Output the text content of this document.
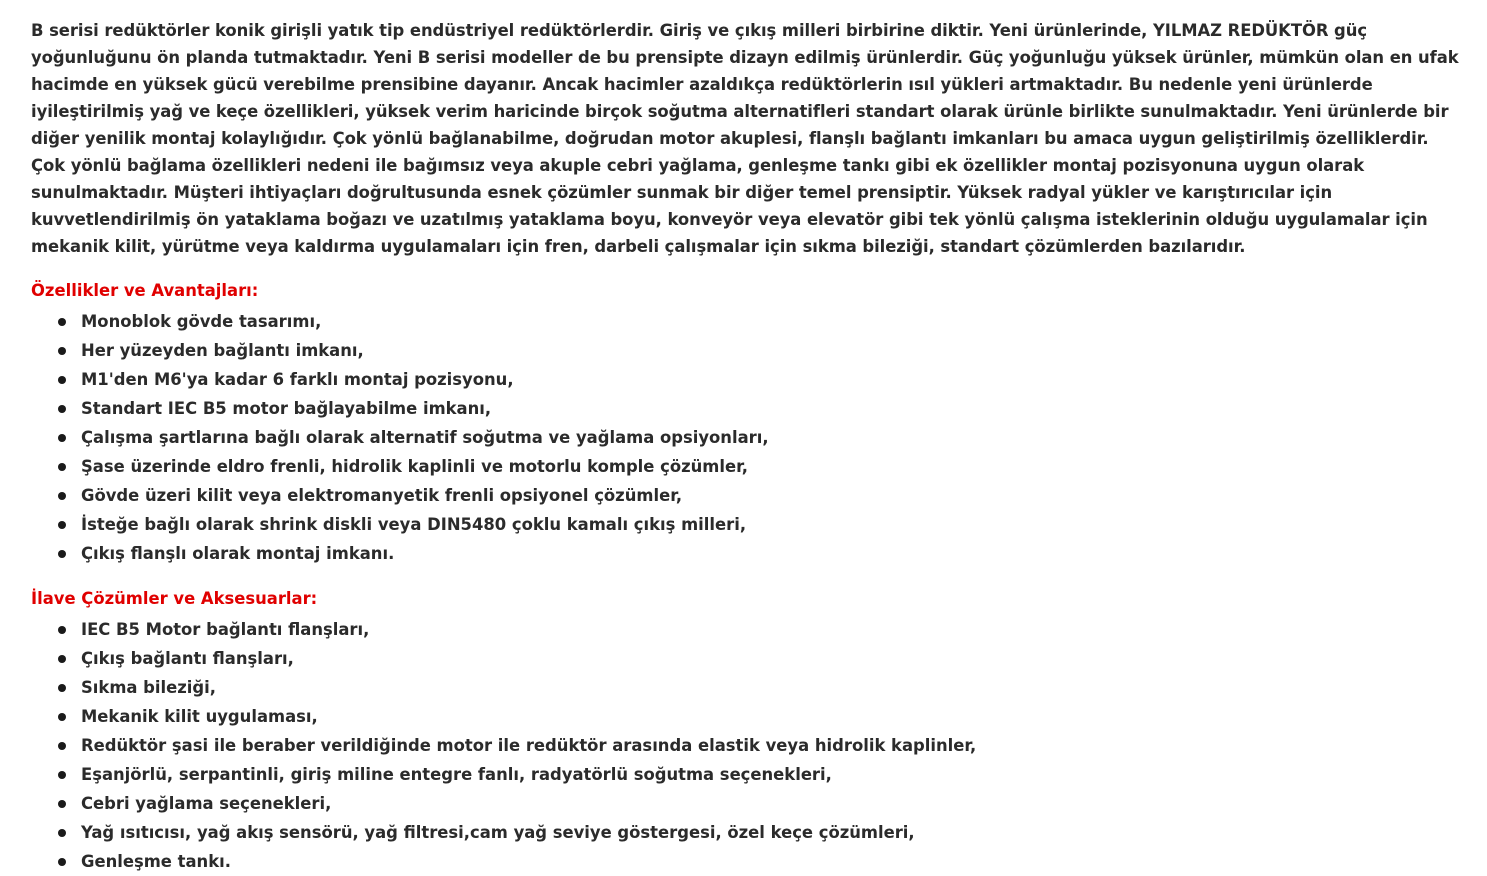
B serisi redüktörler konik girişli yatık tip endüstriyel redüktörlerdir. Giriş ve çıkış milleri birbirine diktir. Yeni ürünlerinde, YILMAZ REDÜKTÖR güç yoğunluğunu ön planda tutmaktadır. Yeni B serisi modeller de bu prensipte dizayn edilmiş ürünlerdir. Güç yoğunluğu yüksek ürünler, mümkün olan en ufak hacimde en yüksek gücü verebilme prensibine dayanır. Ancak hacimler azaldıkça redüktörlerin ısıl yükleri artmaktadır. Bu nedenle yeni ürünlerde iyileştirilmiş yağ ve keçe özellikleri, yüksek verim haricinde birçok soğutma alternatifleri standart olarak ürünle birlikte sunulmaktadır. Yeni ürünlerde bir diğer yenilik montaj kolaylığıdır. Çok yönlü bağlanabilme, doğrudan motor akuplesi, flanşlı bağlantı imkanları bu amaca uygun geliştirilmiş özelliklerdir. Çok yönlü bağlama özellikleri nedeni ile bağımsız veya akuple cebri yağlama, genleşme tankı gibi ek özellikler montaj pozisyonuna uygun olarak sunulmaktadır. Müşteri ihtiyaçları doğrultusunda esnek çözümler sunmak bir diğer temel prensiptir. Yüksek radyal yükler ve karıştırıcılar için kuvvetlendirilmiş ön yataklama boğazı ve uzatılmış yataklama boyu, konveyör veya elevatör gibi tek yönlü çalışma isteklerinin olduğu uygulamalar için mekanik kilit, yürütme veya kaldırma uygulamaları için fren, darbeli çalışmalar için sıkma bileziği, standart çözümlerden bazılarıdır.

Özellikler ve Avantajları:
Monoblok gövde tasarımı,
Her yüzeyden bağlantı imkanı,
M1'den M6'ya kadar 6 farklı montaj pozisyonu,
Standart IEC B5 motor bağlayabilme imkanı,
Çalışma şartlarına bağlı olarak alternatif soğutma ve yağlama opsiyonları,
Şase üzerinde eldro frenli, hidrolik kaplinli ve motorlu komple çözümler,
Gövde üzeri kilit veya elektromanyetik frenli opsiyonel çözümler,
İsteğe bağlı olarak shrink diskli veya DIN5480 çoklu kamalı çıkış milleri,
Çıkış flanşlı olarak montaj imkanı.
İlave Çözümler ve Aksesuarlar:
IEC B5 Motor bağlantı flanşları,
Çıkış bağlantı flanşları,
Sıkma bileziği,
Mekanik kilit uygulaması,
Redüktör şasi ile beraber verildiğinde motor ile redüktör arasında elastik veya hidrolik kaplinler,
Eşanjörlü, serpantinli, giriş miline entegre fanlı, radyatörlü soğutma seçenekleri,
Cebri yağlama seçenekleri,
Yağ ısıtıcısı, yağ akış sensörü, yağ filtresi,cam yağ seviye göstergesi, özel keçe çözümleri,
Genleşme tankı.
